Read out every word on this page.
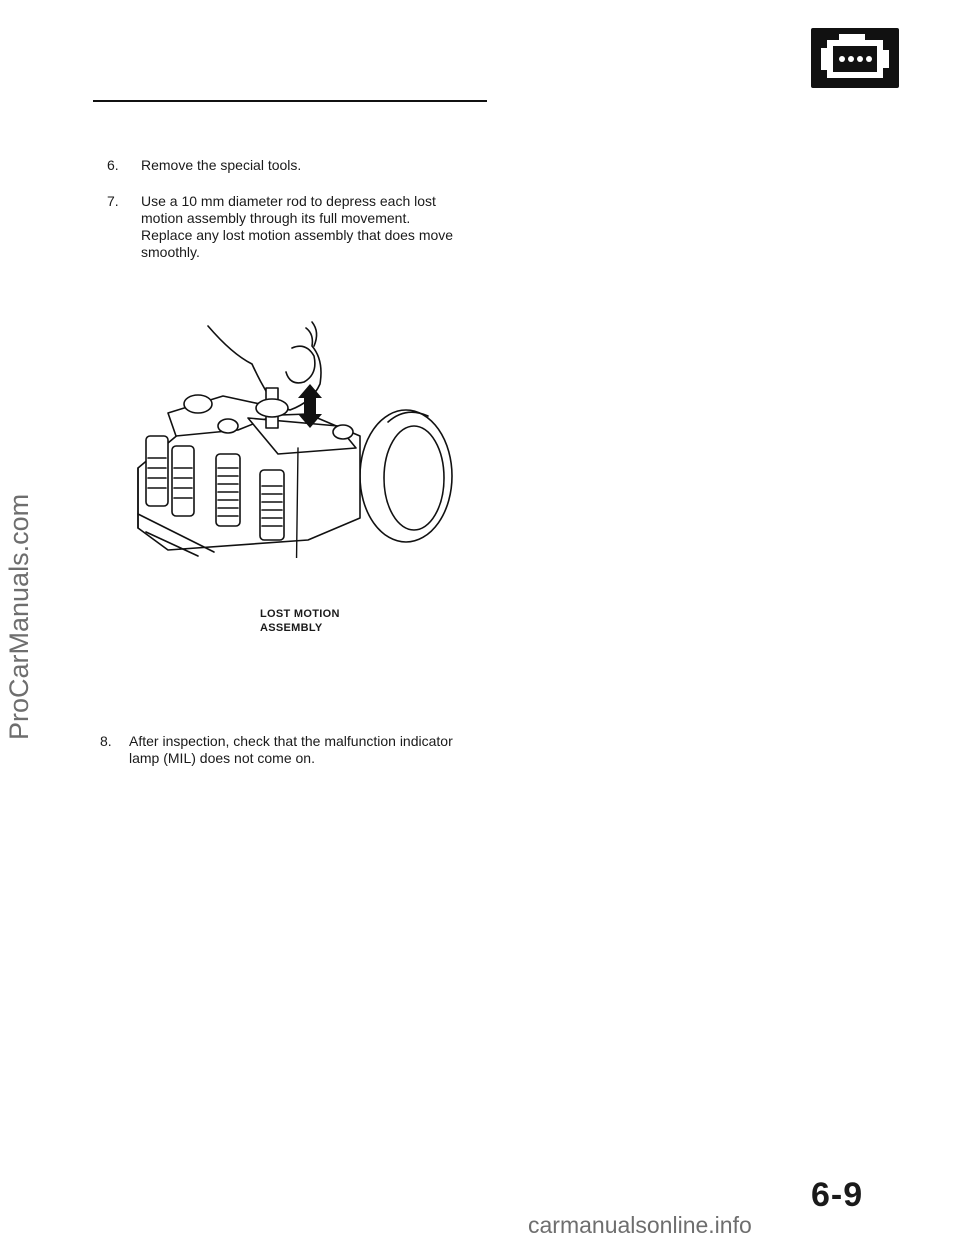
6. Remove the special tools.

7. Use a 10 mm diameter rod to depress each lost motion assembly through its full movement.

Replace any lost motion assembly that does move smoothly.

LOST MOTION
ASSEMBLY
8. After inspection, check that the malfunction indicator lamp (MIL) does not come on.

6-9
ProCarManuals.com
carmanualsonline.info
